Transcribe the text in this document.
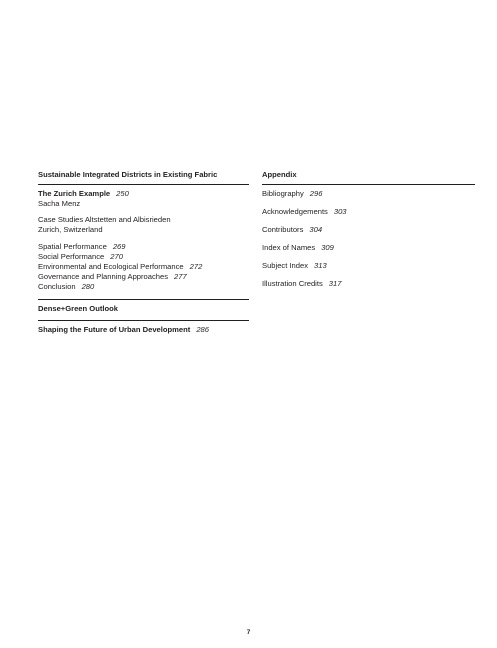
Sustainable Integrated Districts in Existing Fabric
The Zurich Example 250
Sacha Menz
Case Studies Altstetten and Albisrieden
Zurich, Switzerland
Spatial Performance 269
Social Performance 270
Environmental and Ecological Performance 272
Governance and Planning Approaches 277
Conclusion 280
Dense+Green Outlook
Shaping the Future of Urban Development 286
Appendix
Bibliography 296
Acknowledgements 303
Contributors 304
Index of Names 309
Subject Index 313
Illustration Credits 317
7
